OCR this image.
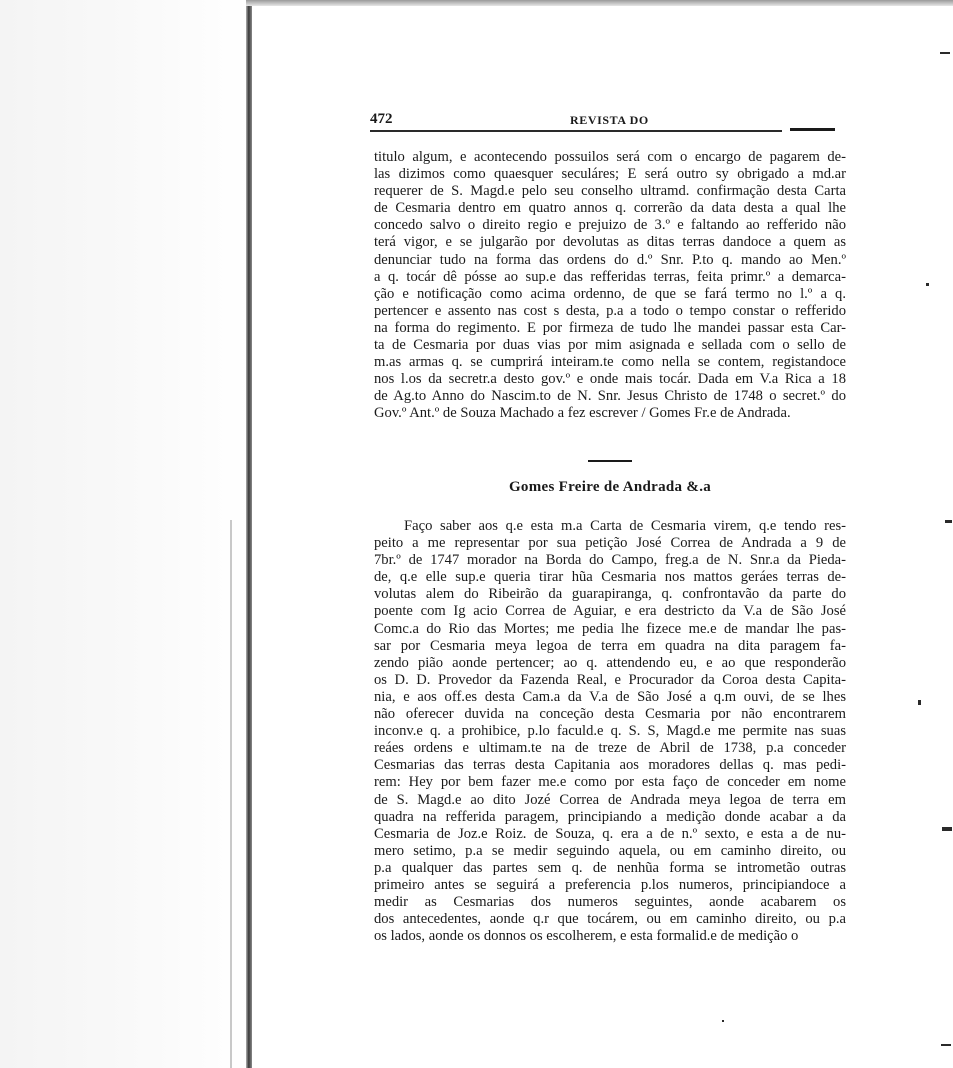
472	REVISTA DO
titulo algum, e acontecendo possuilos será com o encargo de pagarem de-
las dizimos como quaesquer seculáres; E será outro sy obrigado a md.ar
requerer de S. Magd.e pelo seu conselho ultramd. confirmação desta Carta
de Cesmaria dentro em quatro annos q. correrão da data desta a qual lhe
concedo salvo o direito regio e prejuizo de 3.º e faltando ao refferido não
terá vigor, e se julgarão por devolutas as ditas terras dandoce a quem as
denunciar tudo na forma das ordens do d.º Snr. P.to q. mando ao Men.º
a q. tocár dê pósse ao sup.e das refferidas terras, feita primr.º a demarca-
ção e notificação como acima ordenno, de que se fará termo no l.º a q.
pertencer e assento nas cost s desta, p.a a todo o tempo constar o refferido
na forma do regimento. E por firmeza de tudo lhe mandei passar esta Car-
ta de Cesmaria por duas vias por mim asignada e sellada com o sello de
m.as armas q. se cumprirá inteiram.te como nella se contem, registandoce
nos l.os da secretr.a desto gov.º e onde mais tocár. Dada em V.a Rica a 18
de Ag.to Anno do Nascim.to de N. Snr. Jesus Christo de 1748 o secret.º do
Gov.º Ant.º de Souza Machado a fez escrever / Gomes Fr.e de Andrada.
Gomes Freire de Andrada &.a
Faço saber aos q.e esta m.a Carta de Cesmaria virem, q.e tendo res-
peito a me representar por sua petição José Correa de Andrada a 9 de
7br.º de 1747 morador na Borda do Campo, freg.a de N. Snr.a da Pieda-
de, q.e elle sup.e queria tirar hũa Cesmaria nos mattos geráes terras de-
volutas alem do Ribeirão da guarapiranga, q. confrontavão da parte do
poente com Ig acio Correa de Aguiar, e era destricto da V.a de São José
Comc.a do Rio das Mortes; me pedia lhe fizece me.e de mandar lhe pas-
sar por Cesmaria meya legoa de terra em quadra na dita paragem fa-
zendo pião aonde pertencer; ao q. attendendo eu, e ao que responderão
os D. D. Provedor da Fazenda Real, e Procurador da Coroa desta Capita-
nia, e aos off.es desta Cam.a da V.a de São José a q.m ouvi, de se lhes
não oferecer duvida na conceção desta Cesmaria por não encontrarem
inconv.e q. a prohibice, p.lo faculd.e q. S. S, Magd.e me permite nas suas
reáes ordens e ultimam.te na de treze de Abril de 1738, p.a conceder
Cesmarias das terras desta Capitania aos moradores dellas q. mas pedi-
rem: Hey por bem fazer me.e como por esta faço de conceder em nome
de S. Magd.e ao dito Jozé Correa de Andrada meya legoa de terra em
quadra na refferida paragem, principiando a medição donde acabar a da
Cesmaria de Joz.e Roiz. de Souza, q. era a de n.º sexto, e esta a de nu-
mero setimo, p.a se medir seguindo aquela, ou em caminho direito, ou
p.a qualquer das partes sem q. de nenhũa forma se intrometão outras
primeiro antes se seguirá a preferencia p.los numeros, principiandoce a
medir as Cesmarias dos numeros seguintes, aonde acabarem os
dos antecedentes, aonde q.r que tocárem, ou em caminho direito, ou p.a
os lados, aonde os donnos os escolherem, e esta formalid.e de medição o
